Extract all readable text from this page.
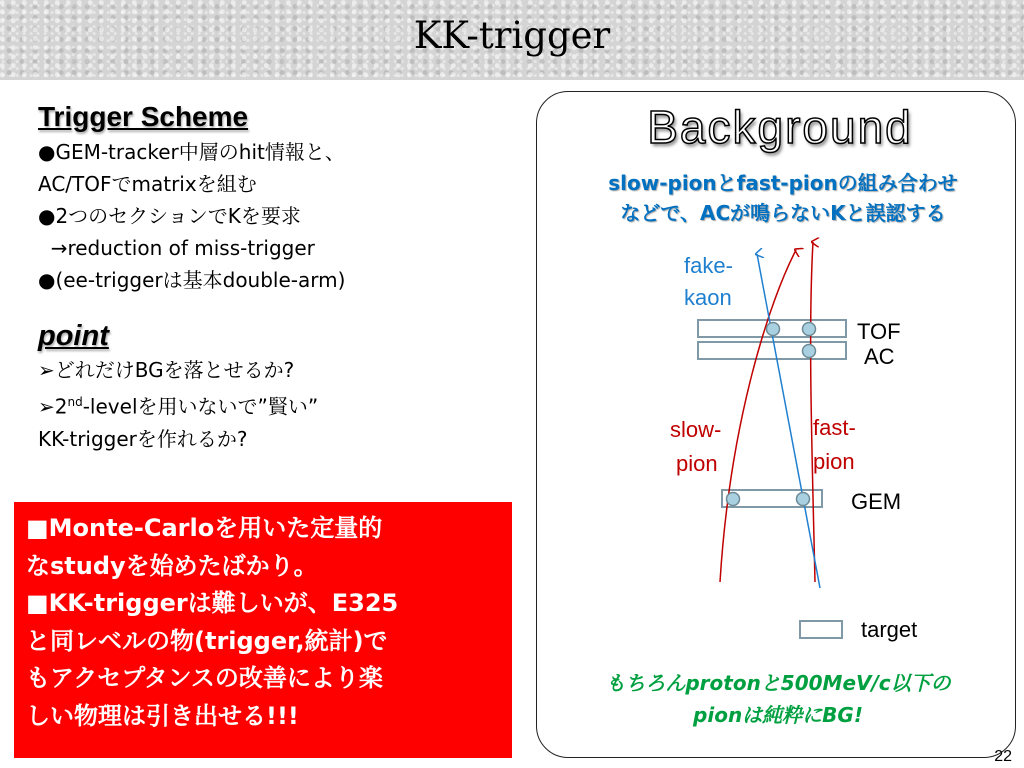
KK-trigger
Trigger Scheme
●GEM-tracker中層のhit情報と、
AC/TOFでmatrixを組む
●2つのセクションでKを要求
→reduction of miss-trigger
●(ee-triggerは基本double-arm)
point
➢どれだけBGを落とせるか?
➢2nd-levelを用いないで”賢い”
KK-triggerを作れるか?
■Monte-Carloを用いた定量的
なstudyを始めたばかり。
■KK-triggerは難しいが、E325
と同レベルの物(trigger,統計)で
もアクセプタンスの改善により楽
しい物理は引き出せる!!!
Background
slow-pionとfast-pionの組み合わせ
などで、ACが鳴らないKと誤認する
fake-
kaon
TOF
AC
slow-
pion
fast-
pion
GEM
target
もちろんprotonと500MeV/c以下の
pionは純粋にBG!
22
